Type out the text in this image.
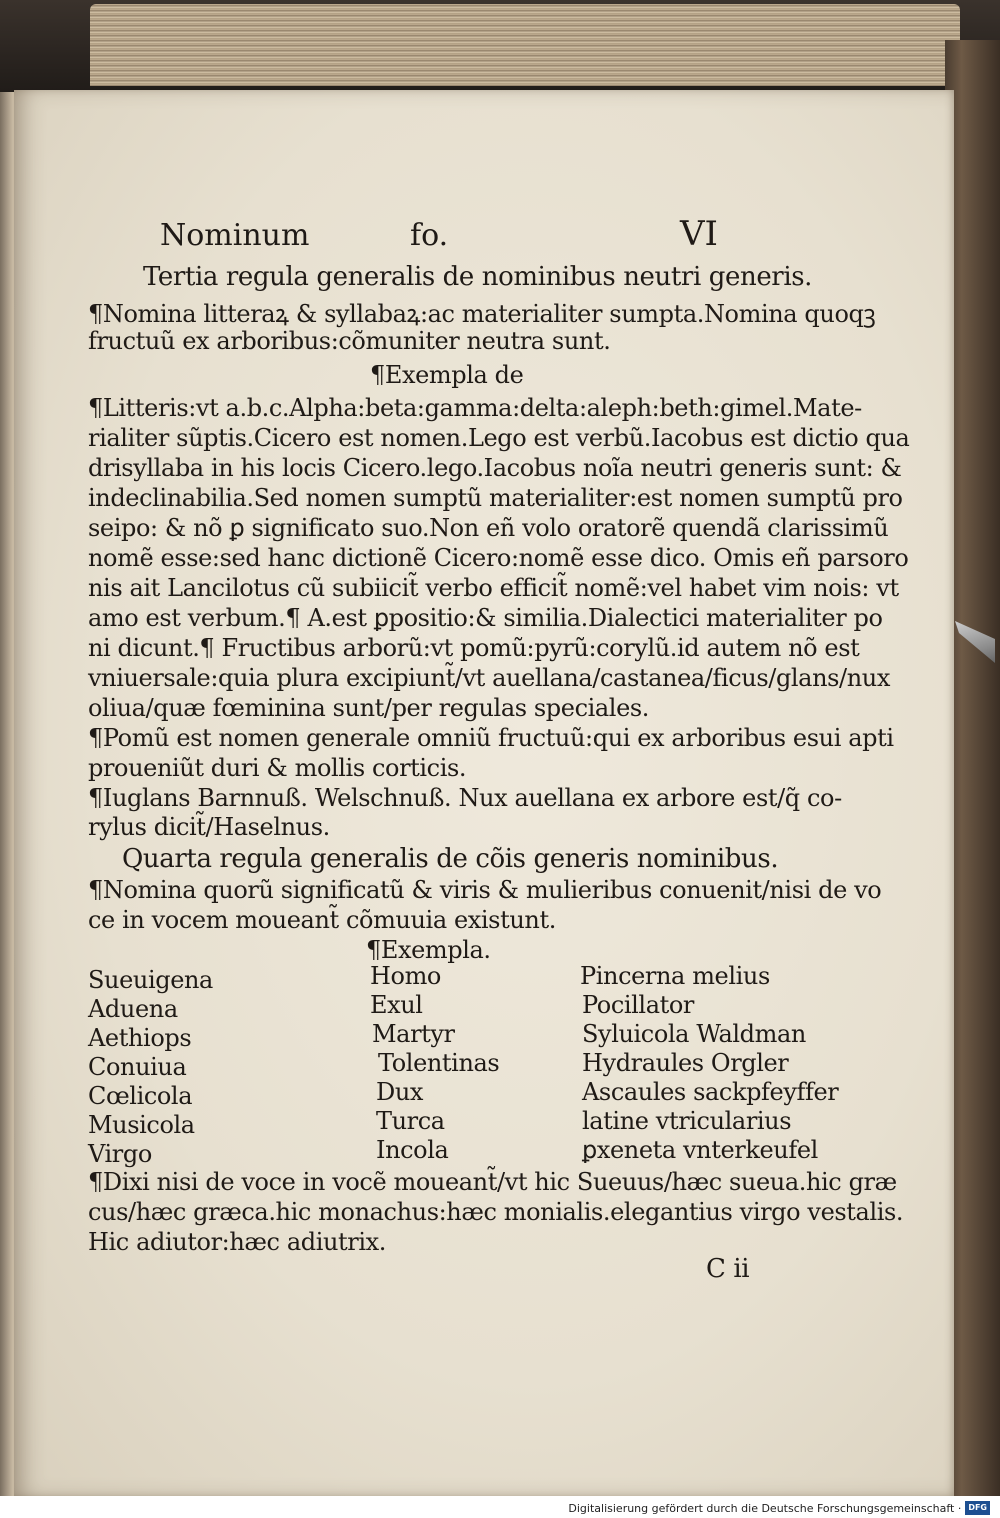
Nominum	fo.	VI
Tertia regula generalis de nominibus neutri generis.
¶Nomina litteraꝝ & syllabaꝝ:ac materialiter sumpta.Nomina quoqꝫ
fructuũ ex arboribus:cõmuniter neutra sunt.
¶Exempla de
¶Litteris:vt a.b.c.Alpha:beta:gamma:delta:aleph:beth:gimel.Mate-
rialiter sũptis.Cicero est nomen.Lego est verbũ.Iacobus est dictio qua
drisyllaba in his locis Cicero.lego.Iacobus noĩa neutri generis sunt: &
indeclinabilia.Sed nomen sumptũ materialiter:est nomen sumptũ pro
seipo: & nõ ꝑ significato suo.Non eñ volo oratorẽ quendã clarissimũ
nomẽ esse:sed hanc dictionẽ Cicero:nomẽ esse dico. Omis eñ parsoro
nis ait Lancilotus cũ subiicit̃ verbo efficit̃ nomẽ:vel habet vim nois: vt
amo est verbum.¶ A.est ꝑpositio:& similia.Dialectici materialiter po
ni dicunt.¶ Fructibus arborũ:vt pomũ:pyrũ:corylũ.id autem nõ est
vniuersale:quia plura excipiunt̃/vt auellana/castanea/ficus/glans/nux
oliua/quæ fœminina sunt/per regulas speciales.
¶Pomũ est nomen generale omniũ fructuũ:qui ex arboribus esui apti
proueniũt duri & mollis corticis.
¶Iuglans Barnnuß. Welschnuß. Nux auellana ex arbore est/q̃ co-
rylus dicit̃/Haselnus.
Quarta regula generalis de cõis generis nominibus.
¶Nomina quorũ significatũ & viris & mulieribus conuenit/nisi de vo
ce in vocem moueant̃ cõmuuia existunt.
¶Exempla.
Sueuigena
Aduena
Aethiops
Conuiua
Cœlicola
Musicola
Virgo
Homo
Exul
Martyr
Tolentinas
Dux
Turca
Incola
Pincerna melius
Pocillator
Syluicola Waldman
Hydraules Orgler
Ascaules sackpfeyffer
latine vtricularius
ꝑxeneta vnterkeufel
¶Dixi nisi de voce in vocẽ moueant̃/vt hic Sueuus/hæc sueua.hic græ
cus/hæc græca.hic monachus:hæc monialis.elegantius virgo vestalis.
Hic adiutor:hæc adiutrix.
C ii
Digitalisierung gefördert durch die Deutsche Forschungsgemeinschaft · DFG
